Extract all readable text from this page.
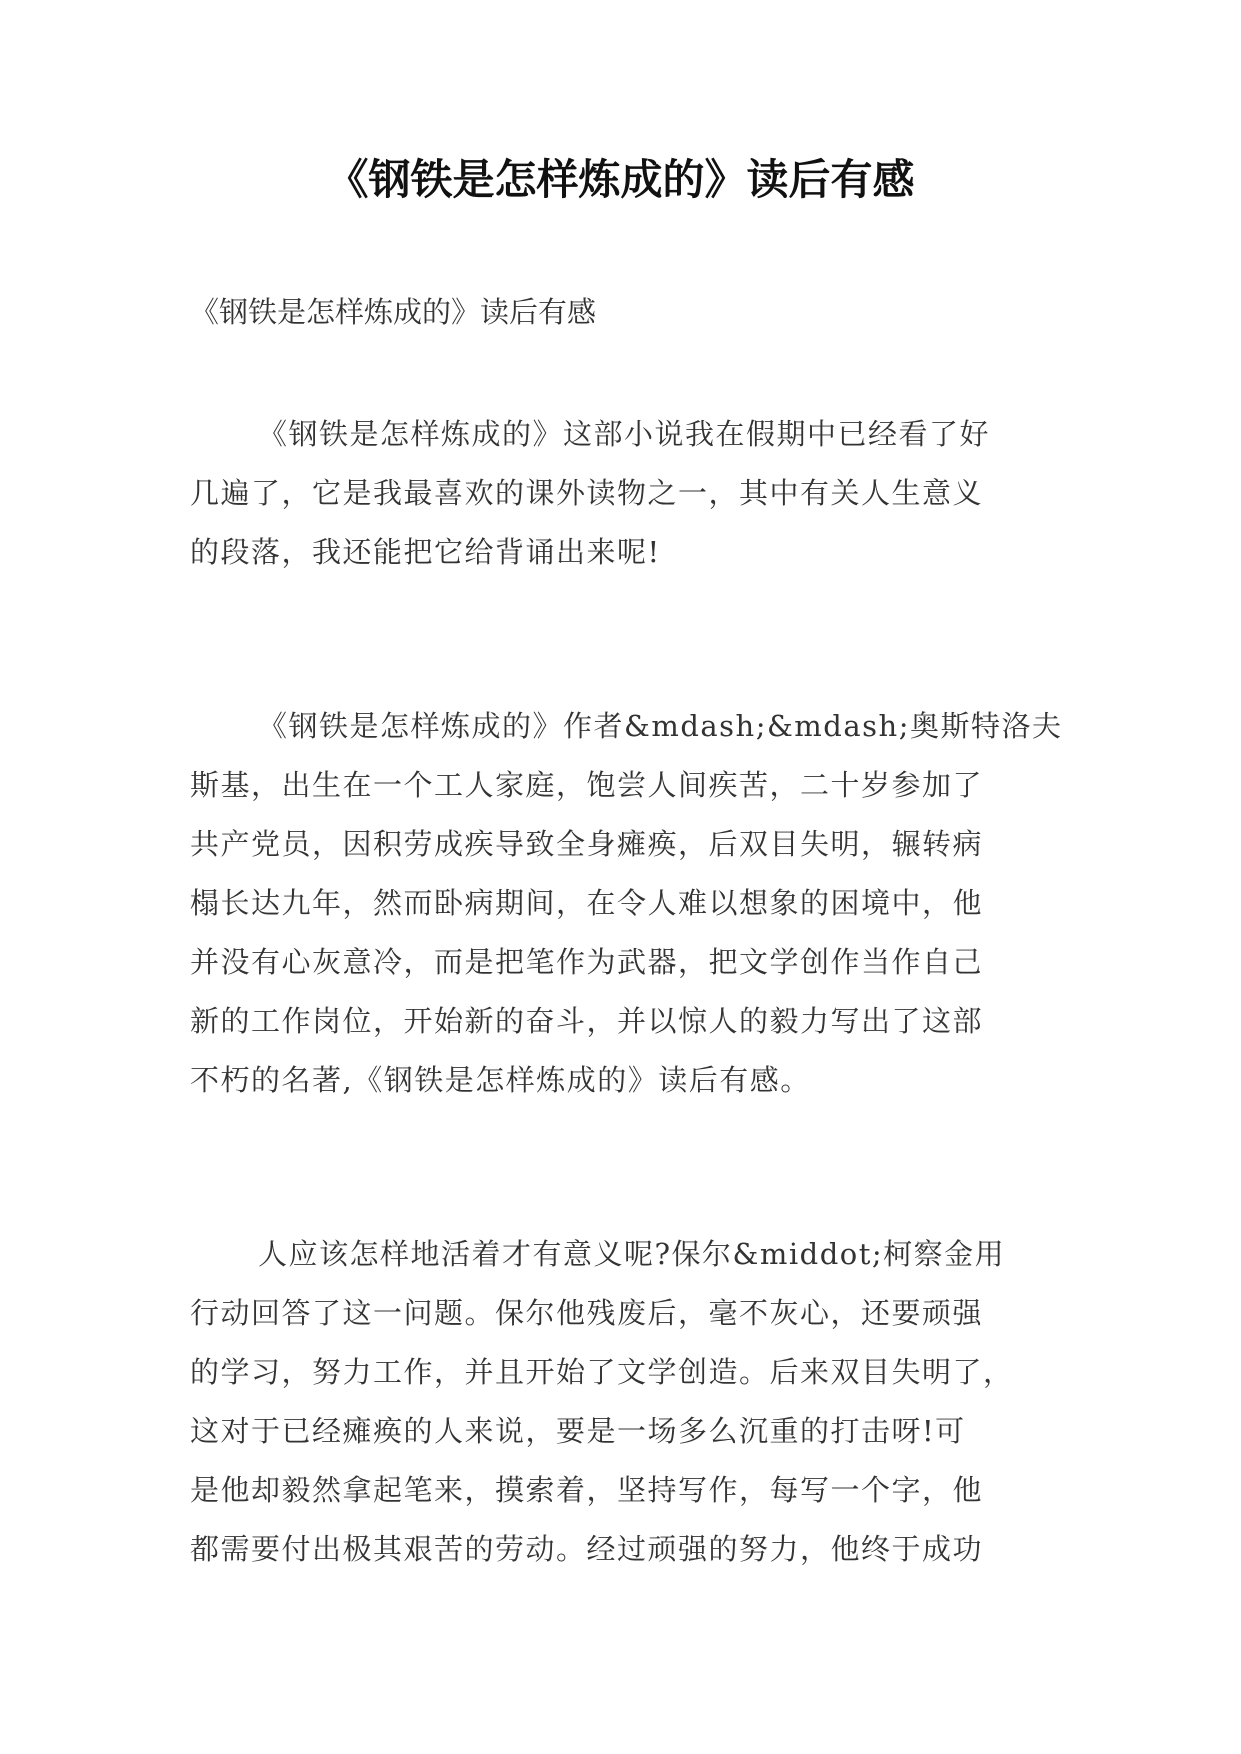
《钢铁是怎样炼成的》读后有感
《钢铁是怎样炼成的》读后有感
《钢铁是怎样炼成的》这部小说我在假期中已经看了好
几遍了，它是我最喜欢的课外读物之一，其中有关人生意义
的段落，我还能把它给背诵出来呢!
《钢铁是怎样炼成的》作者&mdash;&mdash;奥斯特洛夫
斯基，出生在一个工人家庭，饱尝人间疾苦，二十岁参加了
共产党员，因积劳成疾导致全身瘫痪，后双目失明，辗转病
榻长达九年，然而卧病期间，在令人难以想象的困境中，他
并没有心灰意冷，而是把笔作为武器，把文学创作当作自己
新的工作岗位，开始新的奋斗，并以惊人的毅力写出了这部
不朽的名著,《钢铁是怎样炼成的》读后有感。
人应该怎样地活着才有意义呢?保尔&middot;柯察金用
行动回答了这一问题。保尔他残废后，毫不灰心，还要顽强
的学习，努力工作，并且开始了文学创造。后来双目失明了，
这对于已经瘫痪的人来说，要是一场多么沉重的打击呀!可
是他却毅然拿起笔来，摸索着，坚持写作，每写一个字，他
都需要付出极其艰苦的劳动。经过顽强的努力，他终于成功
